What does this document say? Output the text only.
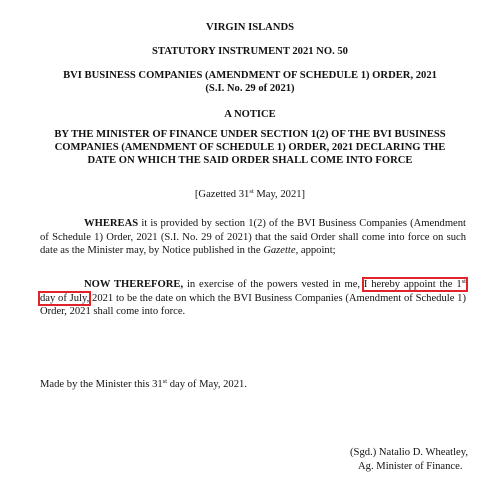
VIRGIN ISLANDS

STATUTORY INSTRUMENT 2021 NO. 50

BVI BUSINESS COMPANIES (AMENDMENT OF SCHEDULE 1) ORDER, 2021

(S.I. No. 29 of 2021)

A NOTICE

BY THE MINISTER OF FINANCE UNDER SECTION 1(2) OF THE BVI BUSINESS
COMPANIES (AMENDMENT OF SCHEDULE 1) ORDER, 2021 DECLARING THE
DATE ON WHICH THE SAID ORDER SHALL COME INTO FORCE

[Gazetted 31st May, 2021]

WHEREAS it is provided by section 1(2) of the BVI Business Companies (Amendment of Schedule 1) Order, 2021 (S.I. No. 29 of 2021) that the said Order shall come into force on such date as the Minister may, by Notice published in the Gazette, appoint;

NOW THEREFORE, in exercise of the powers vested in me, I hereby appoint the 1st day of July, 2021 to be the date on which the BVI Business Companies (Amendment of Schedule 1) Order, 2021 shall come into force.

Made by the Minister this 31st day of May, 2021.
(Sgd.) Natalio D. Wheatley,
Ag. Minister of Finance.
